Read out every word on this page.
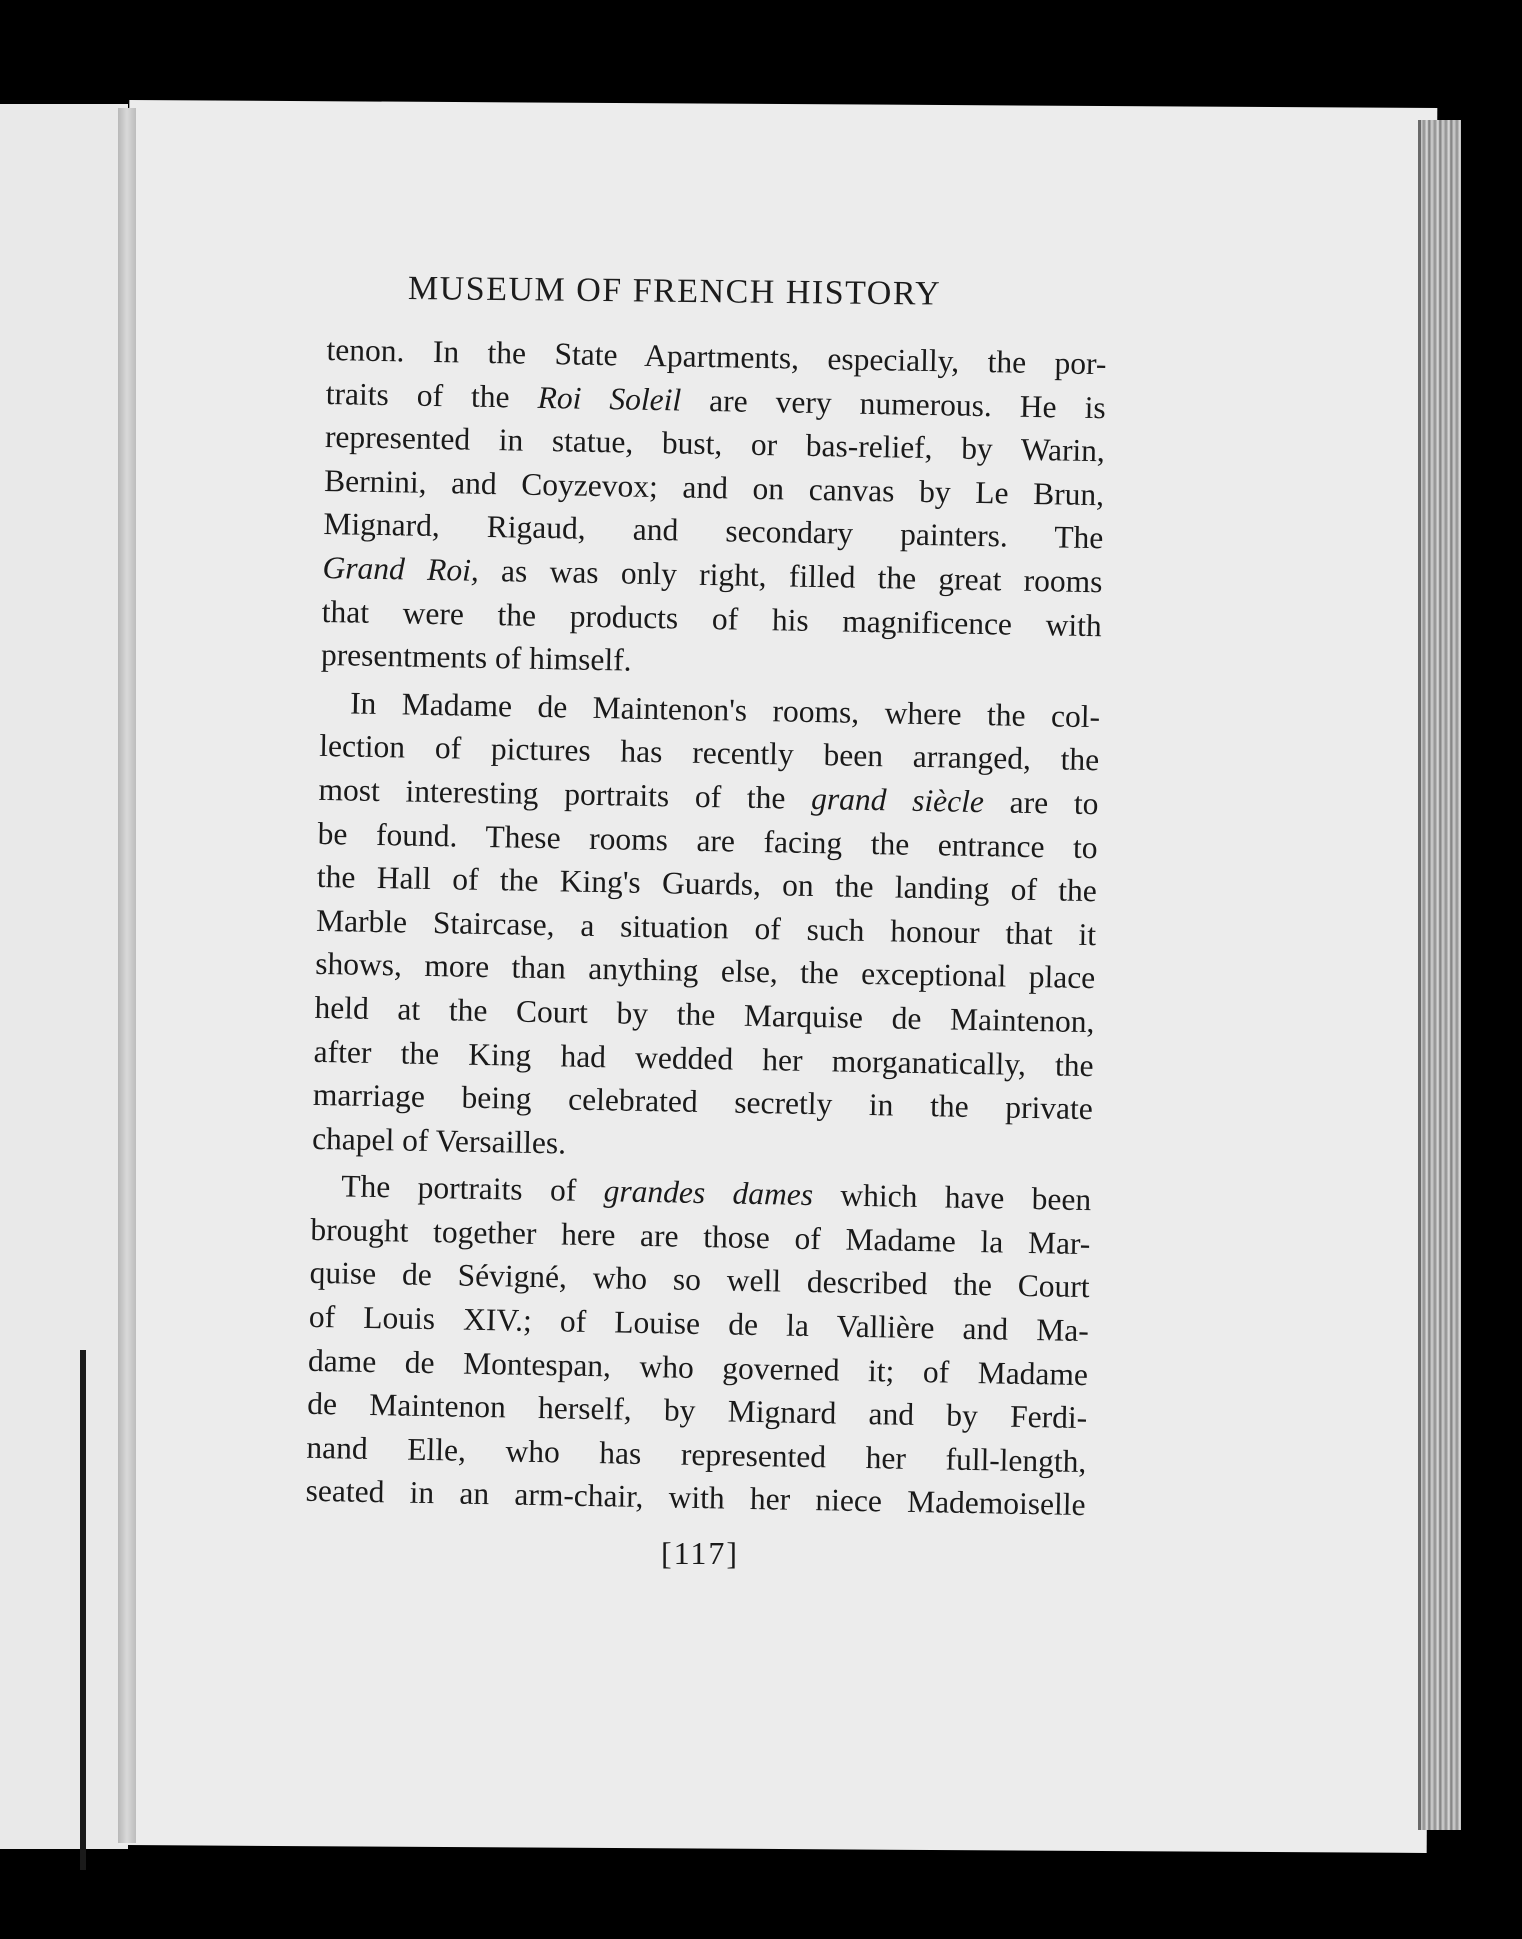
MUSEUM OF FRENCH HISTORY
tenon. In the State Apartments, especially, the por-
traits of the Roi Soleil are very numerous. He is
represented in statue, bust, or bas-relief, by Warin,
Bernini, and Coyzevox; and on canvas by Le Brun,
Mignard, Rigaud, and secondary painters. The
Grand Roi, as was only right, filled the great rooms
that were the products of his magnificence with
presentments of himself.
In Madame de Maintenon's rooms, where the col-
lection of pictures has recently been arranged, the
most interesting portraits of the grand siècle are to
be found. These rooms are facing the entrance to
the Hall of the King's Guards, on the landing of the
Marble Staircase, a situation of such honour that it
shows, more than anything else, the exceptional place
held at the Court by the Marquise de Maintenon,
after the King had wedded her morganatically, the
marriage being celebrated secretly in the private
chapel of Versailles.
The portraits of grandes dames which have been
brought together here are those of Madame la Mar-
quise de Sévigné, who so well described the Court
of Louis XIV.; of Louise de la Vallière and Ma-
dame de Montespan, who governed it; of Madame
de Maintenon herself, by Mignard and by Ferdi-
nand Elle, who has represented her full-length,
seated in an arm-chair, with her niece Mademoiselle
[117]
